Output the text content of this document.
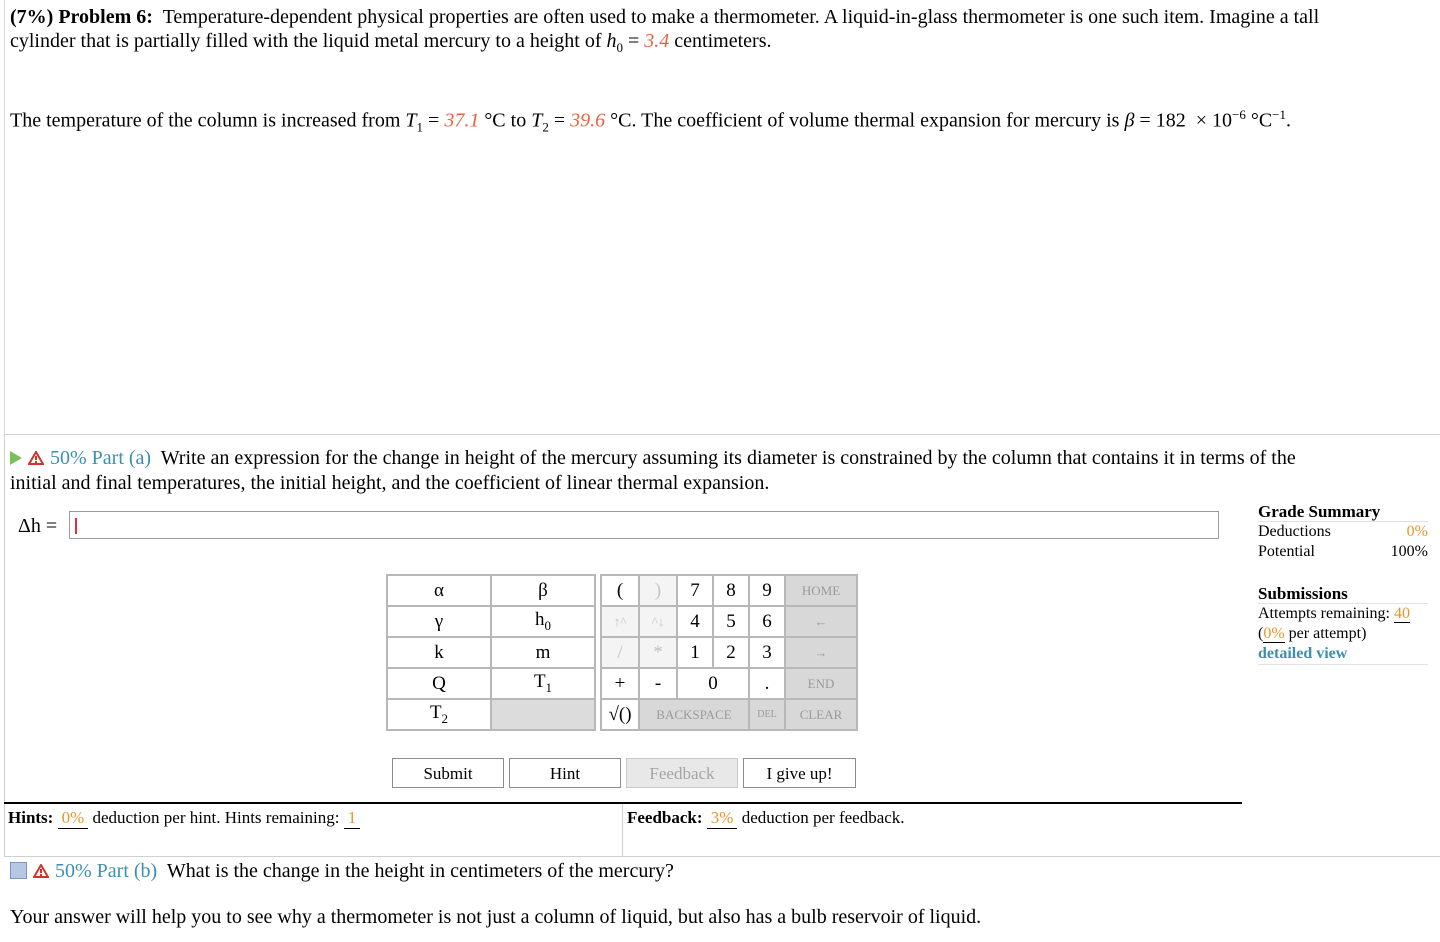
(7%) Problem 6: Temperature-dependent physical properties are often used to make a thermometer. A liquid-in-glass thermometer is one such item. Imagine a tall
cylinder that is partially filled with the liquid metal mercury to a height of $h_0 = 3.4$ centimeters.
The temperature of the column is increased from $T_1 = 37.1$ °C to $T_2 = 39.6$ °C. The coefficient of volume thermal expansion for mercury is $\beta = 182 \times 10^{-6}$ $^\circ C^{-1}$.
50% Part (a) Write an expression for the change in height of the mercury assuming its diameter is constrained by the column that contains it in terms of the
initial and final temperatures, the initial height, and the coefficient of linear thermal expansion.
Δh =
α	β
γ	$h_0$
k	m
Q	$T_1$
$T_2$	
(	)	7	8	9	HOME
↑^	^↓	4	5	6	←
/	*	1	2	3	→
+	-	0		.	END
√()	BACKSPACE			DEL	CLEAR
Submit	Hint	Feedback	I give up!
Hints: 0% deduction per hint. Hints remaining: 1	Feedback: 3% deduction per feedback.
Grade Summary
Deductions	0%
Potential	100%
Submissions
Attempts remaining: 40
(0% per attempt)
detailed view
50% Part (b) What is the change in the height in centimeters of the mercury?
Your answer will help you to see why a thermometer is not just a column of liquid, but also has a bulb reservoir of liquid.
